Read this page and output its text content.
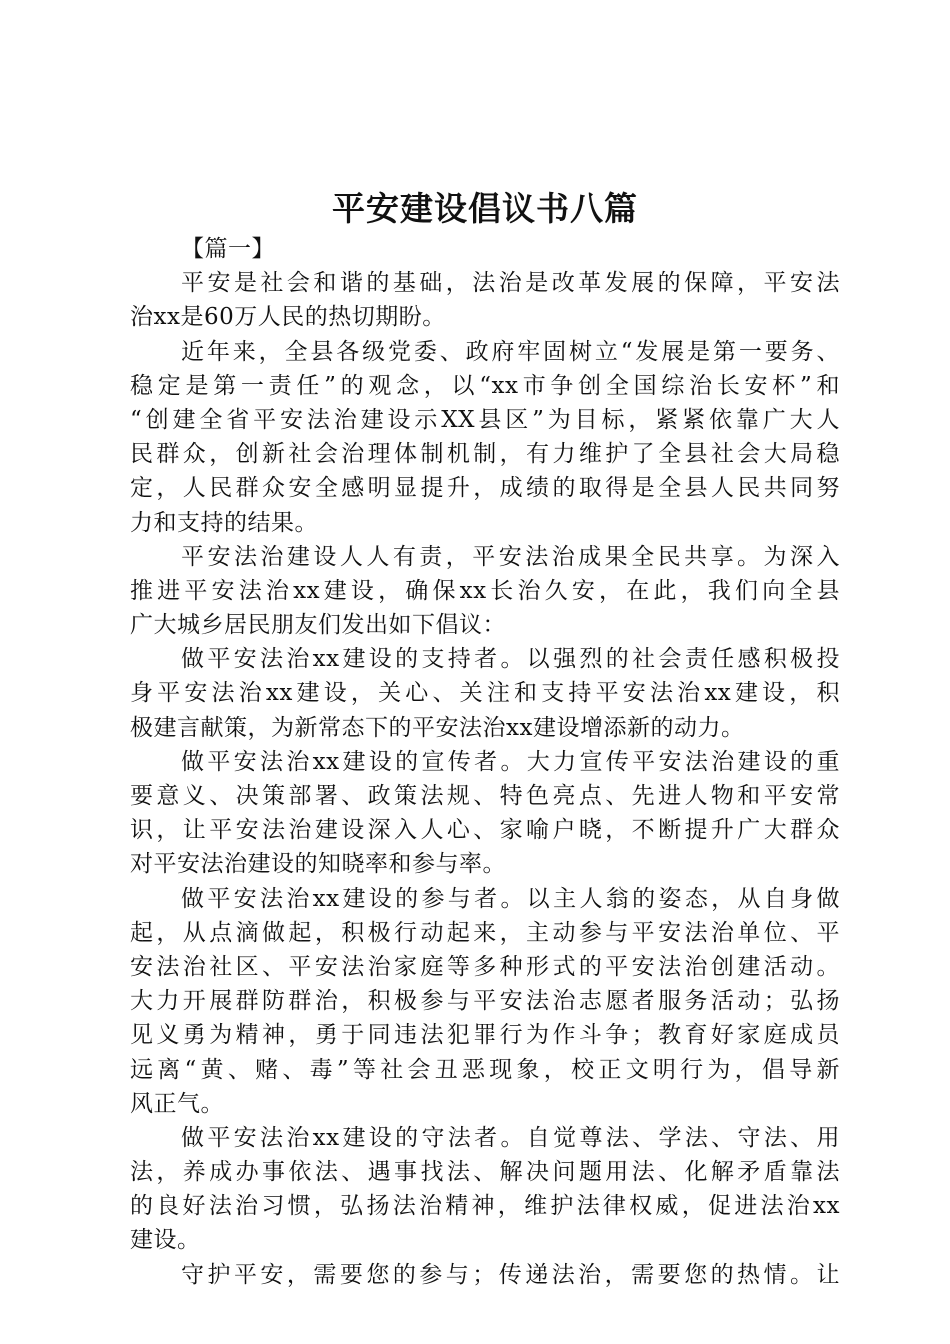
平安建设倡议书八篇
【篇一】
平安是社会和谐的基础，法治是改革发展的保障，平安法
治xx是60万人民的热切期盼。
近年来，全县各级党委、政府牢固树立“发展是第一要务、
稳定是第一责任”的观念，以“xx市争创全国综治长安杯”和
“创建全省平安法治建设示XX县区”为目标，紧紧依靠广大人
民群众，创新社会治理体制机制，有力维护了全县社会大局稳
定，人民群众安全感明显提升，成绩的取得是全县人民共同努
力和支持的结果。
平安法治建设人人有责，平安法治成果全民共享。为深入
推进平安法治xx建设，确保xx长治久安，在此，我们向全县
广大城乡居民朋友们发出如下倡议：
做平安法治xx建设的支持者。以强烈的社会责任感积极投
身平安法治xx建设，关心、关注和支持平安法治xx建设，积
极建言献策，为新常态下的平安法治xx建设增添新的动力。
做平安法治xx建设的宣传者。大力宣传平安法治建设的重
要意义、决策部署、政策法规、特色亮点、先进人物和平安常
识，让平安法治建设深入人心、家喻户晓，不断提升广大群众
对平安法治建设的知晓率和参与率。
做平安法治xx建设的参与者。以主人翁的姿态，从自身做
起，从点滴做起，积极行动起来，主动参与平安法治单位、平
安法治社区、平安法治家庭等多种形式的平安法治创建活动。
大力开展群防群治，积极参与平安法治志愿者服务活动；弘扬
见义勇为精神，勇于同违法犯罪行为作斗争；教育好家庭成员
远离“黄、赌、毒”等社会丑恶现象，校正文明行为，倡导新
风正气。
做平安法治xx建设的守法者。自觉尊法、学法、守法、用
法，养成办事依法、遇事找法、解决问题用法、化解矛盾靠法
的良好法治习惯，弘扬法治精神，维护法律权威，促进法治xx
建设。
守护平安，需要您的参与；传递法治，需要您的热情。让
